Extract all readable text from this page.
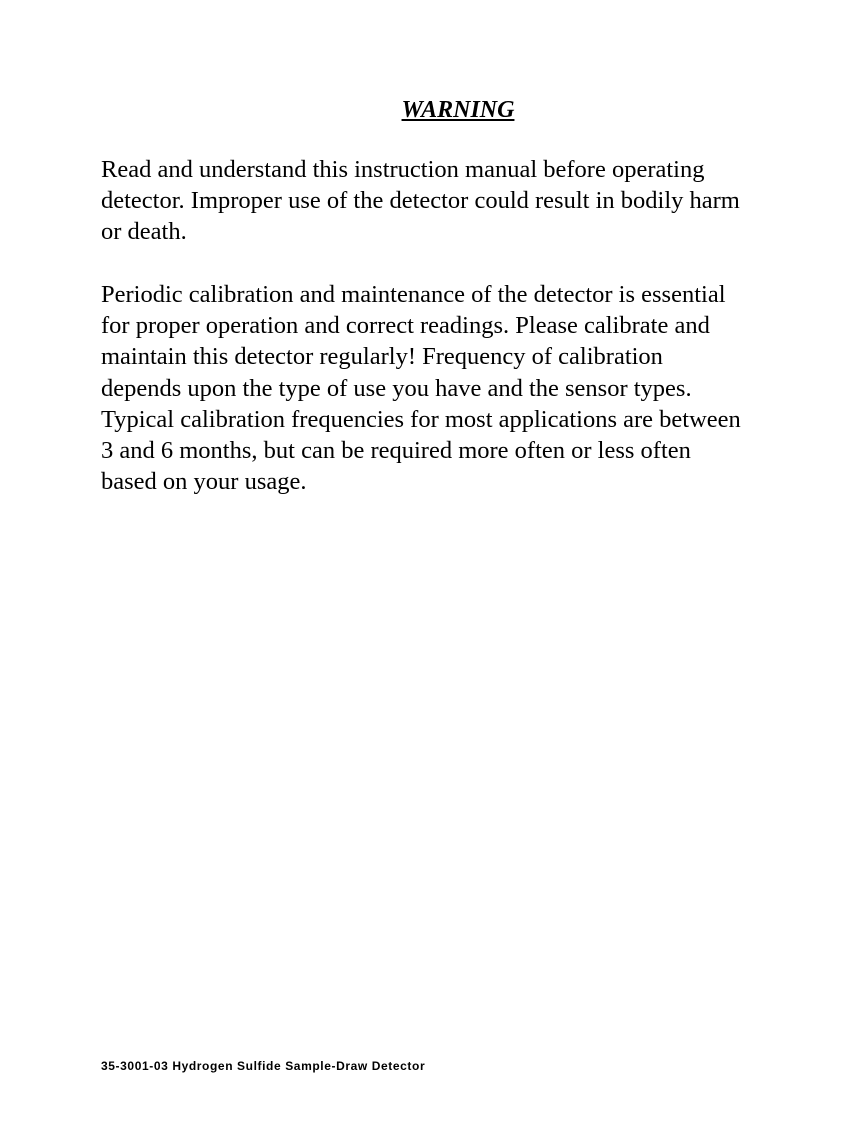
WARNING

Read and understand this instruction manual before operating
detector. Improper use of the detector could result in bodily harm
or death.

Periodic calibration and maintenance of the detector is essential
for proper operation and correct readings. Please calibrate and
maintain this detector regularly! Frequency of calibration
depends upon the type of use you have and the sensor types.
Typical calibration frequencies for most applications are between
3 and 6 months, but can be required more often or less often
based on your usage.

35-3001-03 Hydrogen Sulfide Sample-Draw Detector
